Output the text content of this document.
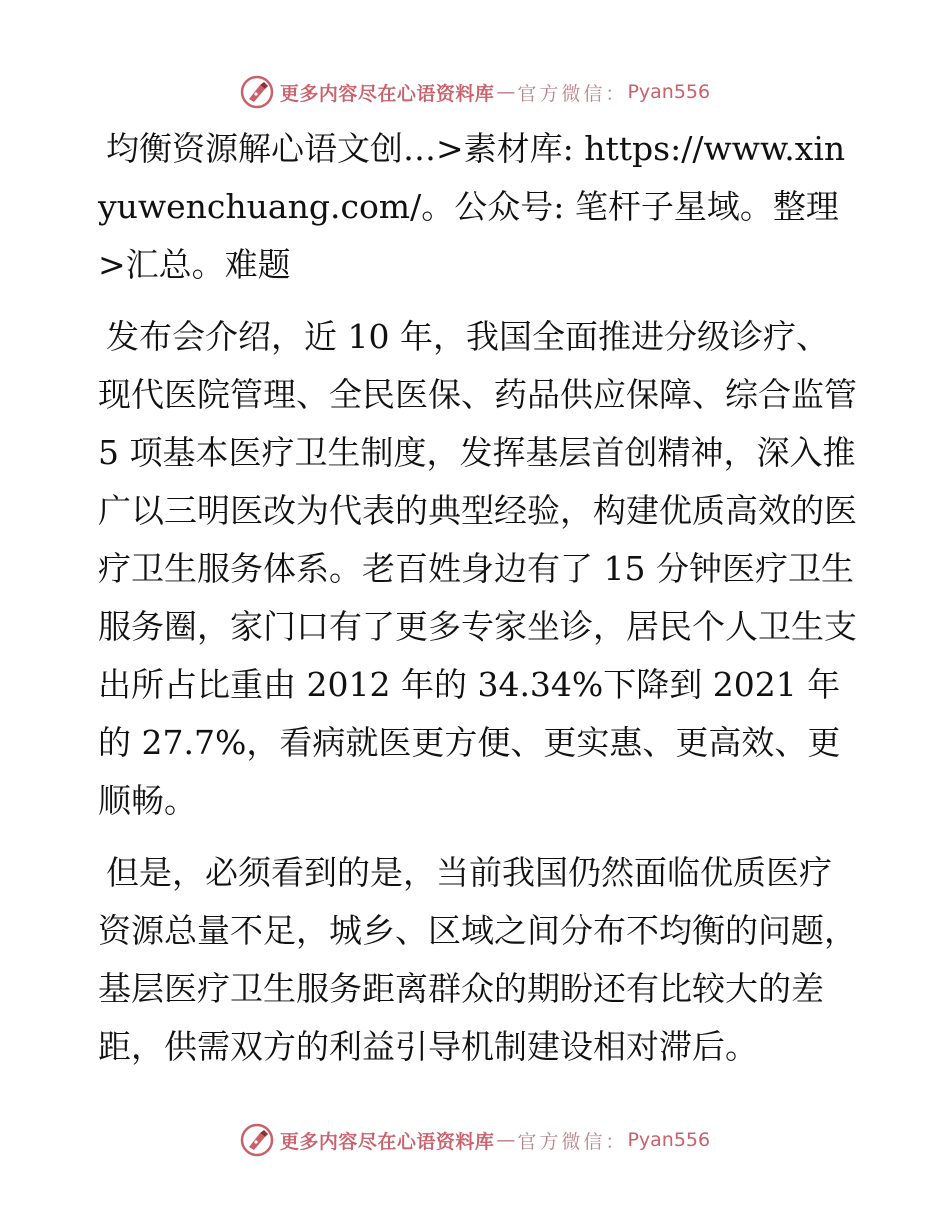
更多内容尽在心语资料库 — 官方微信： Pyan556

均衡资源解心语文创…>素材库: https://www.xinyuwenchuang.com/。公众号: 笔杆子星域。整理>汇总。难题

发布会介绍，近 10 年，我国全面推进分级诊疗、现代医院管理、全民医保、药品供应保障、综合监管 5 项基本医疗卫生制度，发挥基层首创精神，深入推广以三明医改为代表的典型经验，构建优质高效的医疗卫生服务体系。老百姓身边有了 15 分钟医疗卫生服务圈，家门口有了更多专家坐诊，居民个人卫生支出所占比重由 2012 年的 34.34%下降到 2021 年的 27.7%，看病就医更方便、更实惠、更高效、更顺畅。

但是，必须看到的是，当前我国仍然面临优质医疗资源总量不足，城乡、区域之间分布不均衡的问题，基层医疗卫生服务距离群众的期盼还有比较大的差距，供需双方的利益引导机制建设相对滞后。

更多内容尽在心语资料库 — 官方微信： Pyan556
